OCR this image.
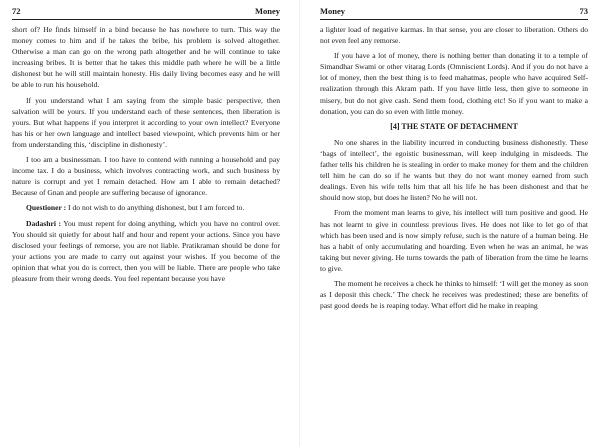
72	Money

short of? He finds himself in a bind because he has nowhere to turn. This way the money comes to him and if he takes the bribe, his problem is solved altogether. Otherwise a man can go on the wrong path altogether and he will continue to take increasing bribes. It is better that he takes this middle path where he will be a little dishonest but he will still maintain honesty. His daily living becomes easy and he will be able to run his household.

If you understand what I am saying from the simple basic perspective, then salvation will be yours. If you understand each of these sentences, then liberation is yours. But what happens if you interpret it according to your own intellect? Everyone has his or her own language and intellect based viewpoint, which prevents him or her from understanding this, ‘discipline in dishonesty’.

I too am a businessman. I too have to contend with running a household and pay income tax. I do a business, which involves contracting work, and such business by nature is corrupt and yet I remain detached. How am I able to remain detached? Because of Gnan and people are suffering because of ignorance.

Questioner : I do not wish to do anything dishonest, but I am forced to.

Dadashri : You must repent for doing anything, which you have no control over. You should sit quietly for about half and hour and repent your actions. Since you have disclosed your feelings of remorse, you are not liable. Pratikraman should be done for your actions you are made to carry out against your wishes. If you become of the opinion that what you do is correct, then you will be liable. There are people who take pleasure from their wrong deeds. You feel repentant because you have

Money	73

a lighter load of negative karmas. In that sense, you are closer to liberation. Others do not even feel any remorse.

If you have a lot of money, there is nothing better than donating it to a temple of Simandhar Swami or other vitarag Lords (Omniscient Lords). And if you do not have a lot of money, then the best thing is to feed mahatmas, people who have acquired Self-realization through this Akram path. If you have little less, then give to someone in misery, but do not give cash. Send them food, clothing etc! So if you want to make a donation, you can do so even with little money.

[4] THE STATE OF DETACHMENT

No one shares in the liability incurred in conducting business dishonestly. These ‘bags of intellect’, the egoistic businessman, will keep indulging in misdeeds. The father tells his children he is stealing in order to make money for them and the children tell him he can do so if he wants but they do not want money earned from such dealings. Even his wife tells him that all his life he has been dishonest and that he should now stop, but does he listen? No he will not.

From the moment man learns to give, his intellect will turn positive and good. He has not learnt to give in countless previous lives. He does not like to let go of that which has been used and is now simply refuse, such is the nature of a human being. He has a habit of only accumulating and hoarding. Even when he was an animal, he was taking but never giving. He turns towards the path of liberation from the time he learns to give.

The moment he receives a check he thinks to himself: ‘I will get the money as soon as I deposit this check.’ The check he receives was predestined; these are benefits of past good deeds he is reaping today. What effort did he make in reaping
